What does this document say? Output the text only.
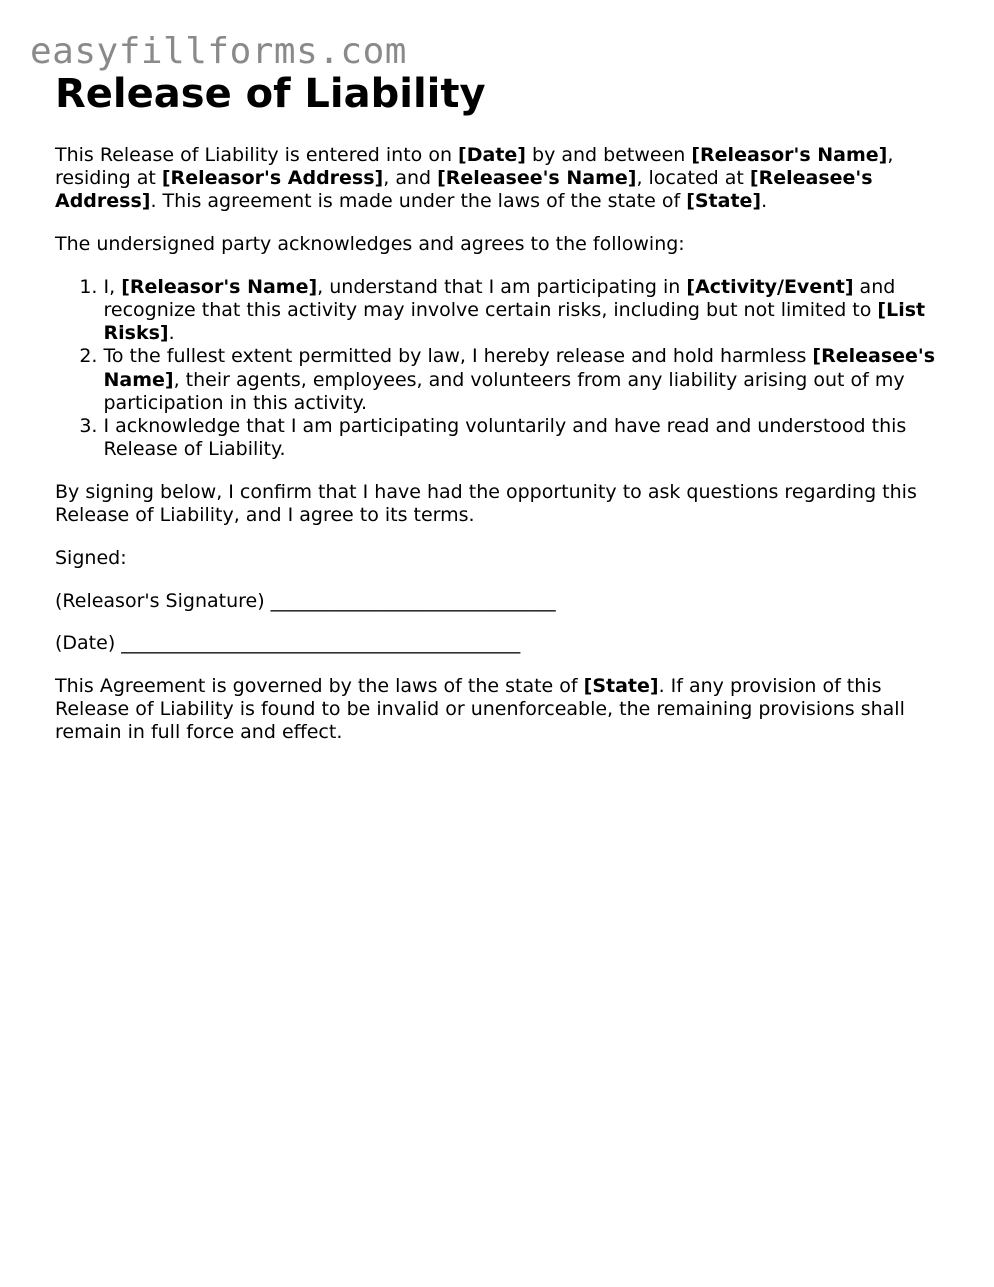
easyfillforms.com
Release of Liability

This Release of Liability is entered into on [Date] by and between [Releasor's Name], residing at [Releasor's Address], and [Releasee's Name], located at [Releasee's Address]. This agreement is made under the laws of the state of [State].

The undersigned party acknowledges and agrees to the following:

1. I, [Releasor's Name], understand that I am participating in [Activity/Event] and recognize that this activity may involve certain risks, including but not limited to [List Risks].
2. To the fullest extent permitted by law, I hereby release and hold harmless [Releasee's Name], their agents, employees, and volunteers from any liability arising out of my participation in this activity.
3. I acknowledge that I am participating voluntarily and have read and understood this Release of Liability.

By signing below, I confirm that I have had the opportunity to ask questions regarding this Release of Liability, and I agree to its terms.

Signed:

(Releasor's Signature) ______________________________

(Date) __________________________________________

This Agreement is governed by the laws of the state of [State]. If any provision of this Release of Liability is found to be invalid or unenforceable, the remaining provisions shall remain in full force and effect.
